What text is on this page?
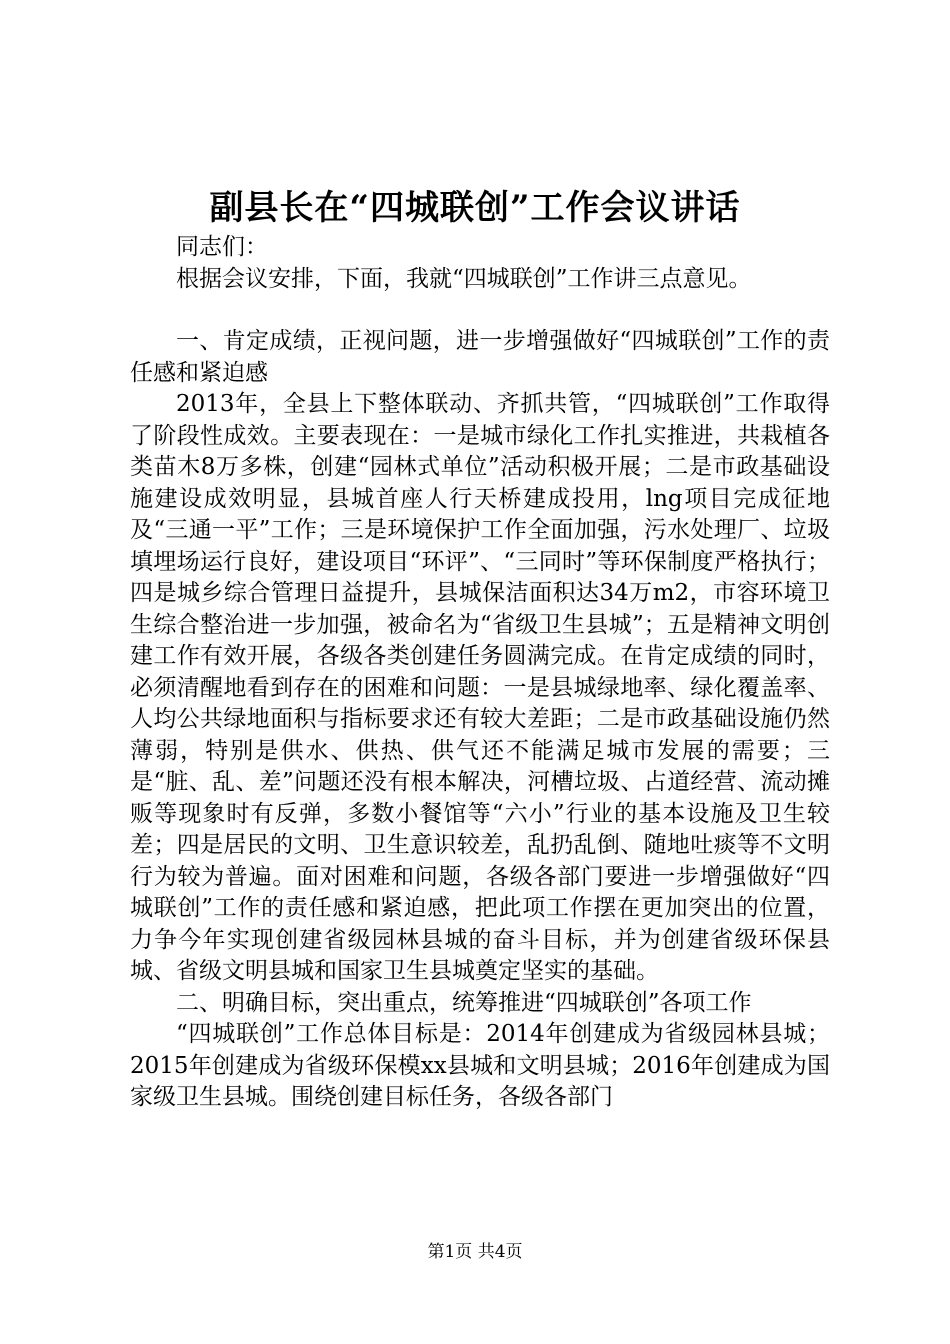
副县长在“四城联创”工作会议讲话

同志们：

根据会议安排，下面，我就“四城联创”工作讲三点意见。

一、肯定成绩，正视问题，进一步增强做好“四城联创”工作的责任感和紧迫感

2013年，全县上下整体联动、齐抓共管，“四城联创”工作取得了阶段性成效。主要表现在：一是城市绿化工作扎实推进，共栽植各类苗木8万多株，创建“园林式单位”活动积极开展；二是市政基础设施建设成效明显，县城首座人行天桥建成投用，lng项目完成征地及“三通一平”工作；三是环境保护工作全面加强，污水处理厂、垃圾填埋场运行良好，建设项目“环评”、“三同时”等环保制度严格执行；四是城乡综合管理日益提升，县城保洁面积达34万m2，市容环境卫生综合整治进一步加强，被命名为“省级卫生县城”；五是精神文明创建工作有效开展，各级各类创建任务圆满完成。在肯定成绩的同时，必须清醒地看到存在的困难和问题：一是县城绿地率、绿化覆盖率、人均公共绿地面积与指标要求还有较大差距；二是市政基础设施仍然薄弱，特别是供水、供热、供气还不能满足城市发展的需要；三是“脏、乱、差”问题还没有根本解决，河槽垃圾、占道经营、流动摊贩等现象时有反弹，多数小餐馆等“六小”行业的基本设施及卫生较差；四是居民的文明、卫生意识较差，乱扔乱倒、随地吐痰等不文明行为较为普遍。面对困难和问题，各级各部门要进一步增强做好“四城联创”工作的责任感和紧迫感，把此项工作摆在更加突出的位置，力争今年实现创建省级园林县城的奋斗目标，并为创建省级环保县城、省级文明县城和国家卫生县城奠定坚实的基础。

二、明确目标，突出重点，统筹推进“四城联创”各项工作

“四城联创”工作总体目标是：2014年创建成为省级园林县城；2015年创建成为省级环保模xx县城和文明县城；2016年创建成为国家级卫生县城。围绕创建目标任务，各级各部门

第1页 共4页
